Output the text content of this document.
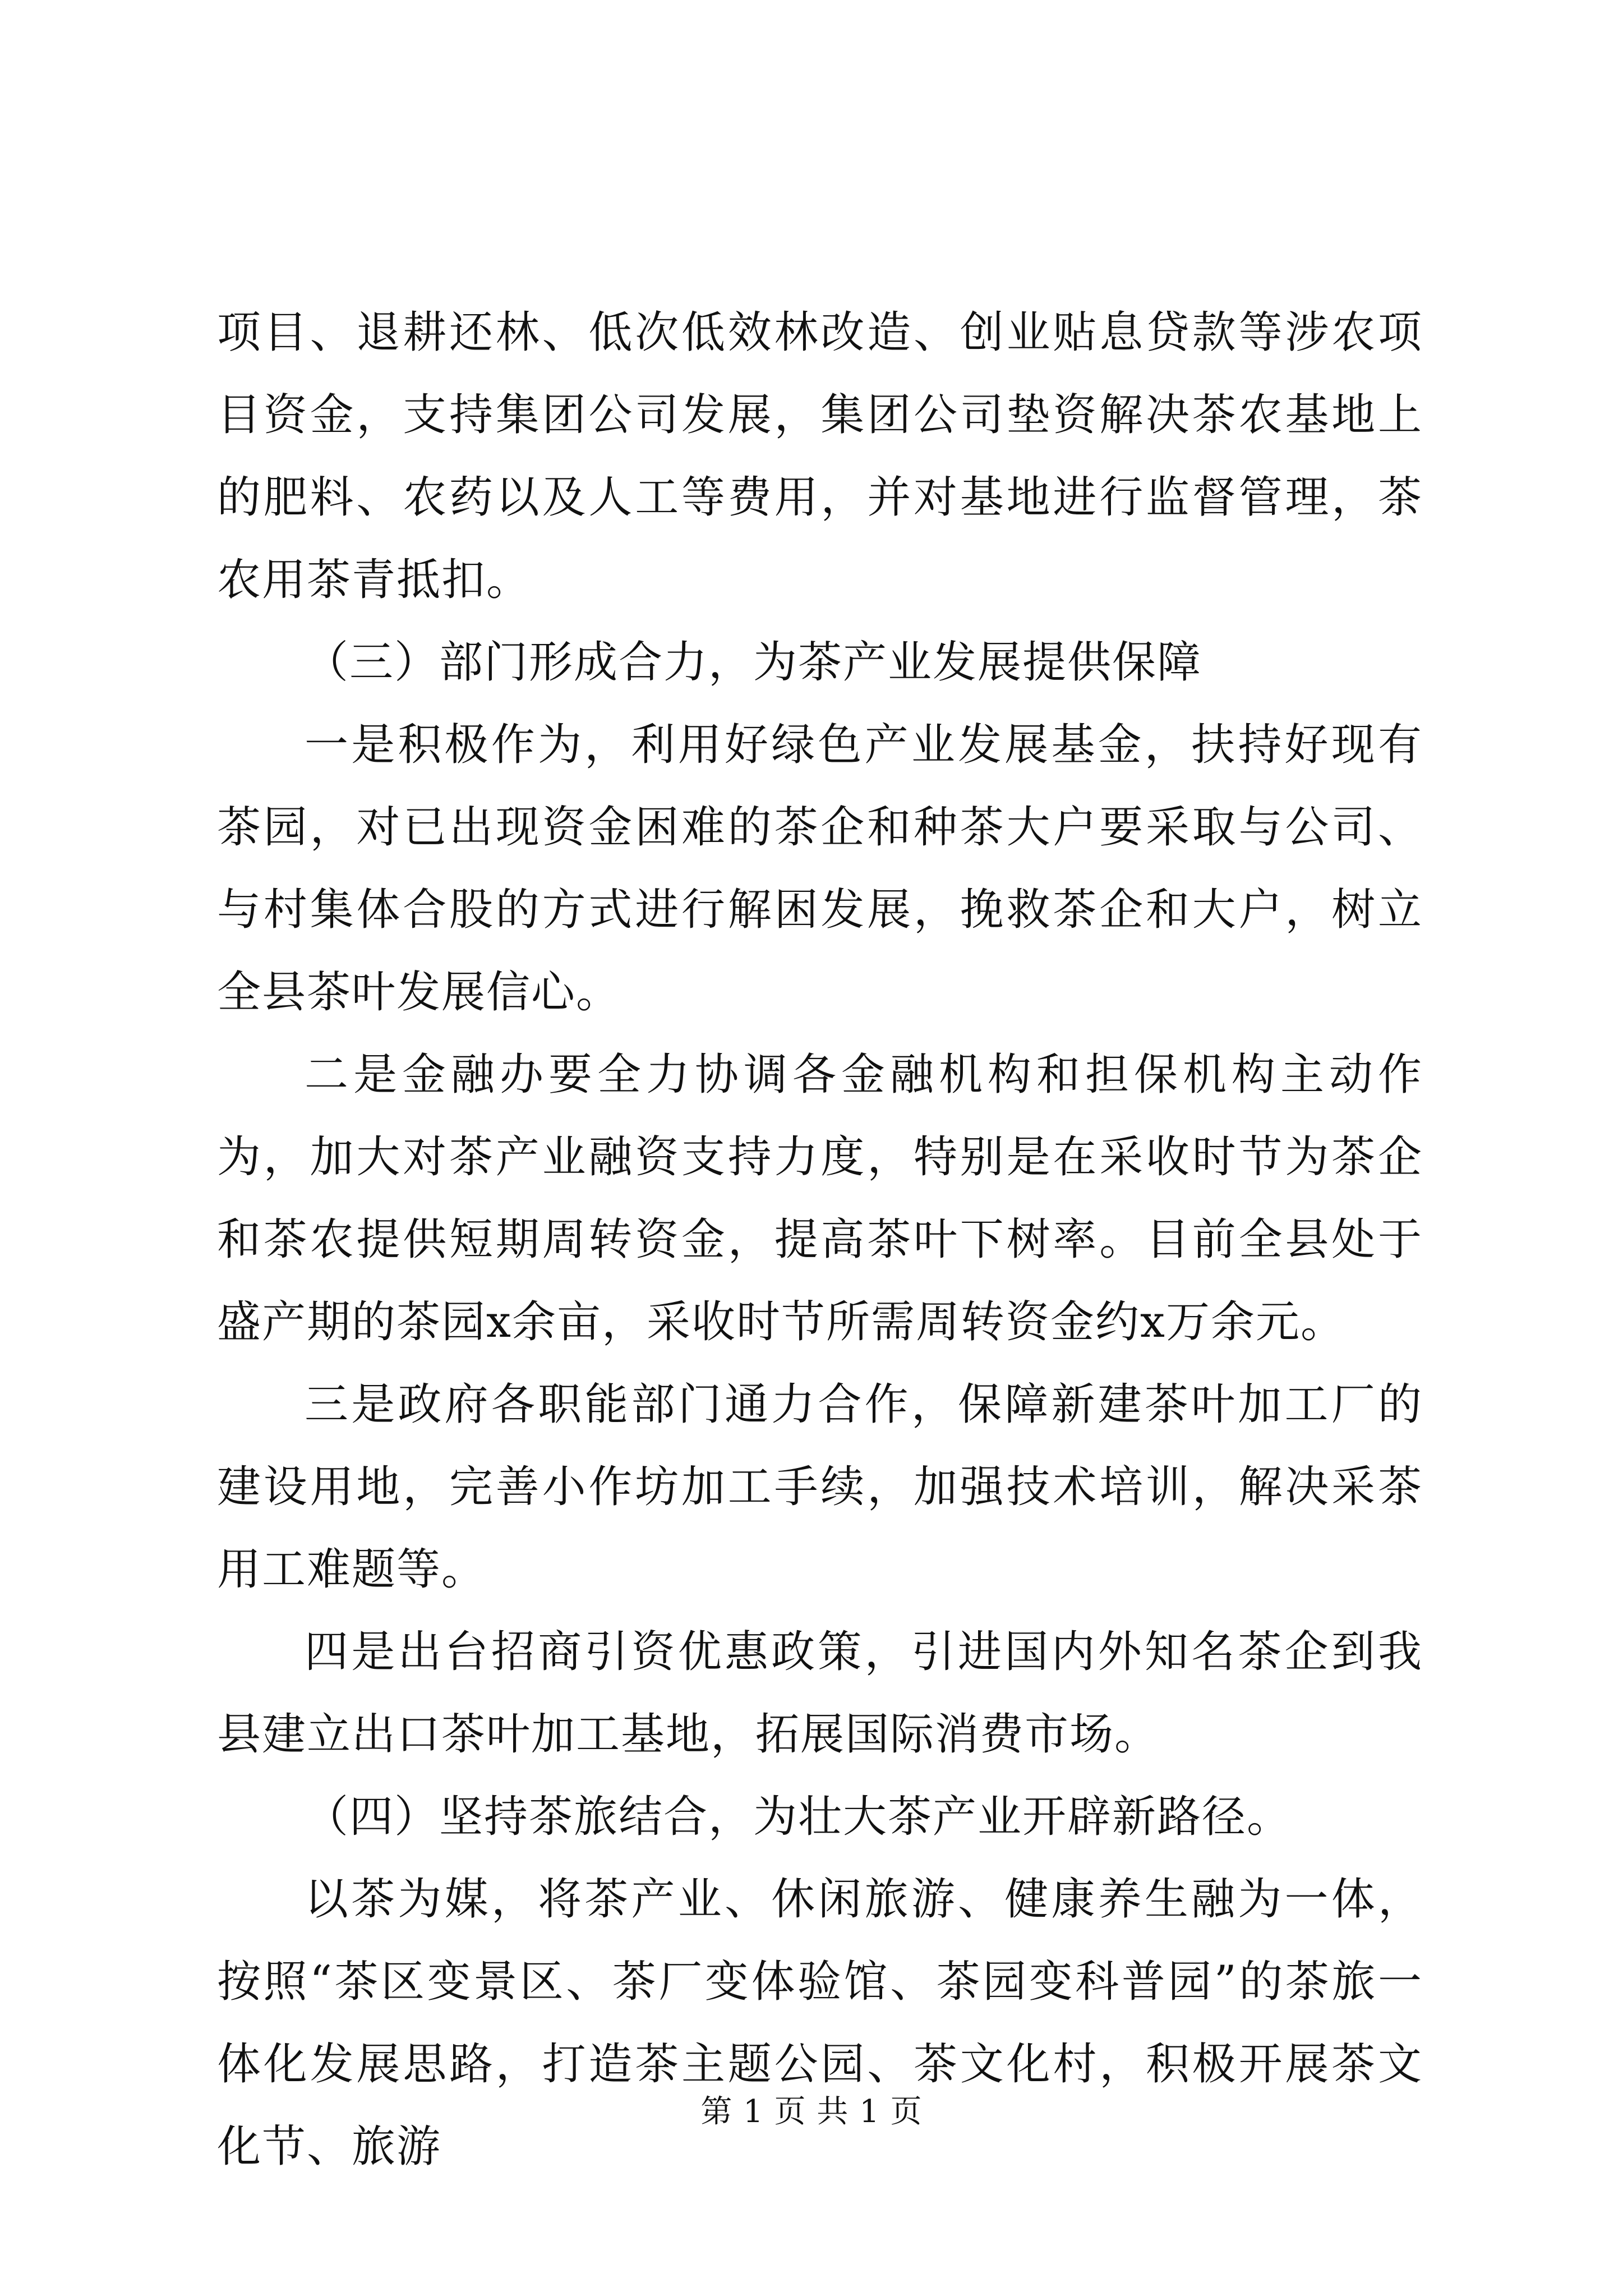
项目、退耕还林、低次低效林改造、创业贴息贷款等涉农项目资金，支持集团公司发展，集团公司垫资解决茶农基地上的肥料、农药以及人工等费用，并对基地进行监督管理，茶农用茶青抵扣。

（三）部门形成合力，为茶产业发展提供保障

一是积极作为，利用好绿色产业发展基金，扶持好现有茶园，对已出现资金困难的茶企和种茶大户要采取与公司、与村集体合股的方式进行解困发展，挽救茶企和大户，树立全县茶叶发展信心。

二是金融办要全力协调各金融机构和担保机构主动作为，加大对茶产业融资支持力度，特别是在采收时节为茶企和茶农提供短期周转资金，提高茶叶下树率。目前全县处于盛产期的茶园x余亩，采收时节所需周转资金约x万余元。

三是政府各职能部门通力合作，保障新建茶叶加工厂的建设用地，完善小作坊加工手续，加强技术培训，解决采茶用工难题等。

四是出台招商引资优惠政策，引进国内外知名茶企到我县建立出口茶叶加工基地，拓展国际消费市场。

（四）坚持茶旅结合，为壮大茶产业开辟新路径。

以茶为媒，将茶产业、休闲旅游、健康养生融为一体，按照“茶区变景区、茶厂变体验馆、茶园变科普园”的茶旅一体化发展思路，打造茶主题公园、茶文化村，积极开展茶文化节、旅游

第 1 页 共 1 页
